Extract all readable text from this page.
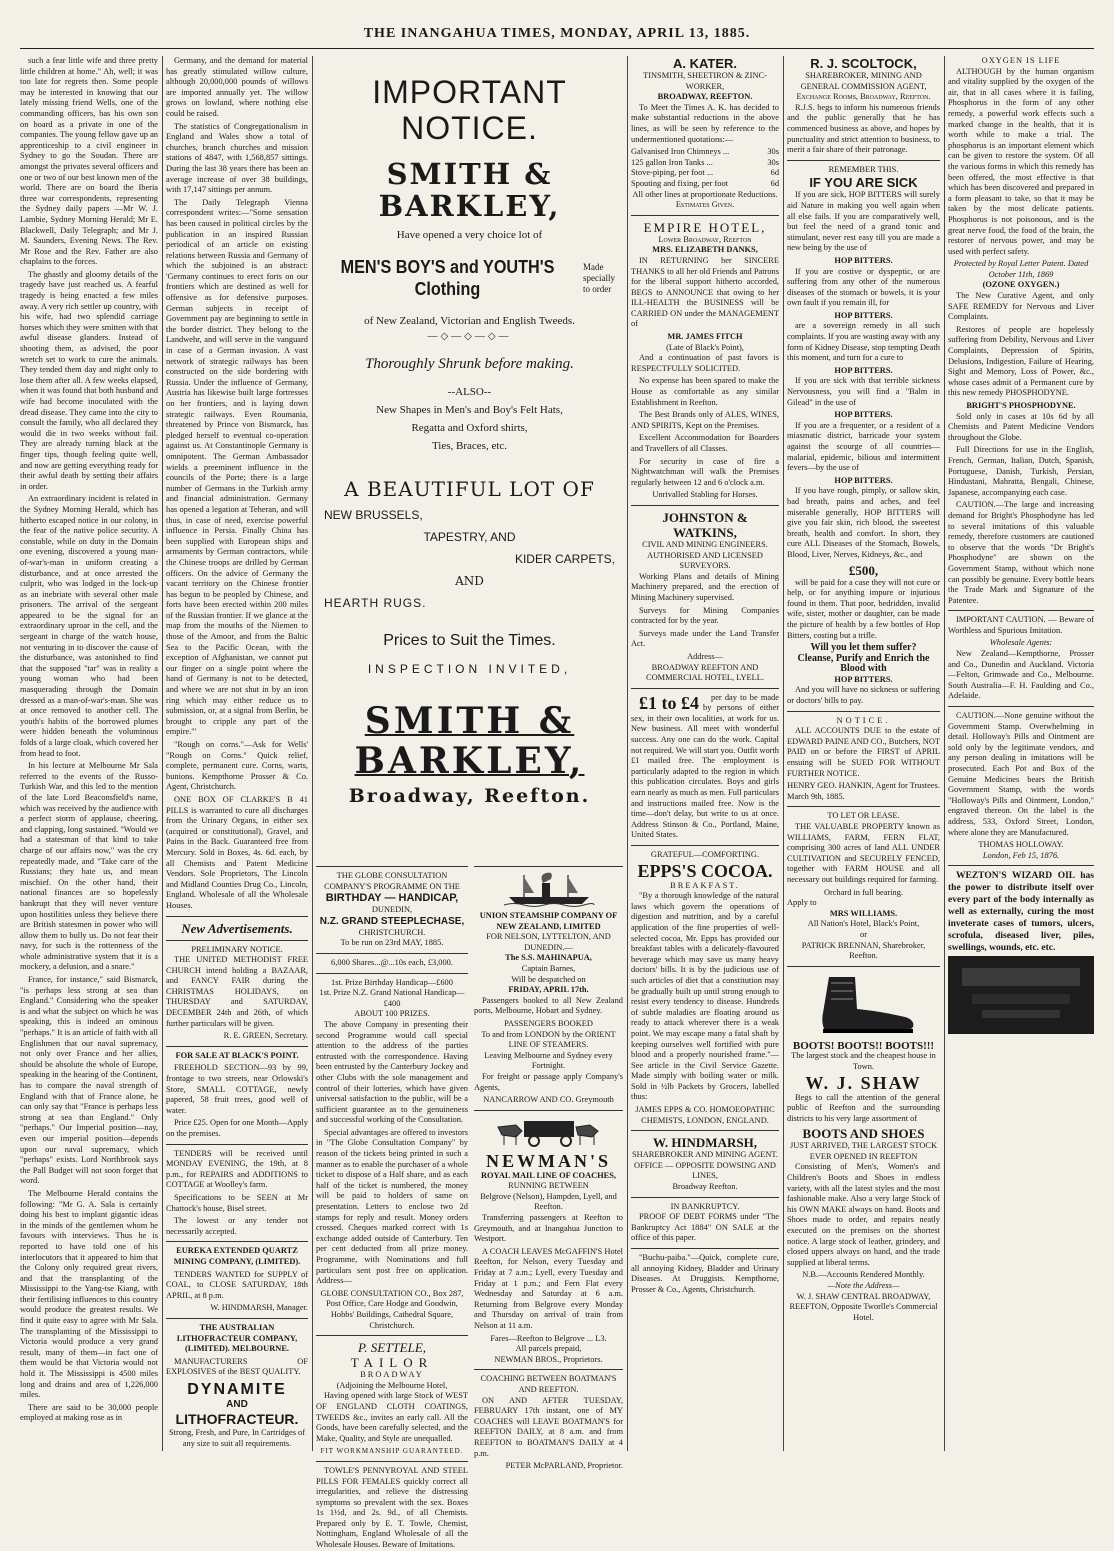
THE INANGAHUA TIMES, MONDAY, APRIL 13, 1885.

such a fear little wife and three pretty little children at home." Ah, well; it was too late for regrets then. Some people may be interested in knowing that our lately missing friend Wells, one of the commanding officers, has his own son on board as a private in one of the companies. The young fellow gave up an apprenticeship to a civil engineer in Sydney to go the Soudan. There are amongst the privates several officers and one or two of our best known men of the world. There are on board the Iberia three war correspondents, representing the Sydney daily papers —Mr W. J. Lambie, Sydney Morning Herald; Mr E. Blackwell, Daily Telegraph; and Mr J. M. Saunders, Evening News. The Rev. Mr Rose and the Rev. Father are also chaplains to the forces.

The ghastly and gloomy details of the tragedy have just reached us. A fearful tragedy is being enacted a few miles away. A very rich settler up country, with his wife, had two splendid carriage horses which they were smitten with that awful disease glanders. Instead of shooting them, as advised, the poor wretch set to work to cure the animals. They tended them day and night only to lose them after all. A few weeks elapsed, when it was found that both husband and wife had become inoculated with the dread disease. They came into the city to consult the family, who all declared they would die in two weeks without fail. They are already turning black at the finger tips, though feeling quite well, and now are getting everything ready for their awful death by setting their affairs in order.

An extraordinary incident is related in the Sydney Morning Herald, which has hitherto escaped notice in our colony, in the fear of the native police security. A constable, while on duty in the Domain one evening, discovered a young man-of-war's-man in uniform creating a disturbance, and at once arrested the culprit, who was lodged in the lock-up as an inebriate with several other male prisoners. The arrival of the sergeant appeared to be the signal for an extraordinary uproar in the cell, and the sergeant in charge of the watch house, not venturing in to discover the cause of the disturbance, was astonished to find that the supposed "tar" was in reality a young woman who had been masquerading through the Domain dressed as a man-of-war's-man. She was at once removed to another cell. The youth's habits of the borrowed plumes were hidden beneath the voluminous folds of a large cloak, which covered her from head to foot.

In his lecture at Melbourne Mr Sala referred to the events of the Russo-Turkish War, and this led to the mention of the late Lord Beaconsfield's name, which was received by the audience with a perfect storm of applause, cheering, and clapping, long sustained. "Would we had a statesman of that kind to take charge of our affairs now," was the cry repeatedly made, and "Take care of the Russians; they hate us, and mean mischief. On the other hand, their national finances are so hopelessly bankrupt that they will never venture upon hostilities unless they believe there are British statesmen in power who will allow them to bully us. Do not fear their navy, for such is the rottenness of the whole administrative system that it is a mockery, a delusion, and a snare."

France, for instance," said Bismarck, "is perhaps less strong at sea than England." Considering who the speaker is and what the subject on which he was speaking, this is indeed an ominous "perhaps." It is an article of faith with all Englishmen that our naval supremacy, not only over France and her allies, should be absolute the whole of Europe, speaking in the hearing of the Continent, has to compare the naval strength of England with that of France alone, he can only say that "France is perhaps less strong at sea than England." Only "perhaps." Our Imperial position—nay, even our imperial position—depends upon our naval supremacy, which "perhaps" exists. Lord Northbrook says the Pall Budget will not soon forget that word.

The Melbourne Herald contains the following: "Mr G. A. Sala is certainly doing his best to implant gigantic ideas in the minds of the gentlemen whom he favours with interviews. Thus he is reported to have told one of his interlocutors that it appeared to him that the Colony only required great rivers, and that the transplanting of the Mississippi to the Yang-tse Kiang, with their fertilising influences to this country would produce the greatest results. We find it quite easy to agree with Mr Sala. The transplanting of the Mississippi to Victoria would produce a very grand result, many of them—in fact one of them would be that Victoria would not hold it. The Mississippi is 4500 miles long and drains and area of 1,226,000 miles.

There are said to be 30,000 people employed at making rose as in

Germany, and the demand for material has greatly stimulated willow culture, although 20,000,000 pounds of willows are imported annually yet. The willow grows on lowland, where nothing else could be raised.

The statistics of Congregationalism in England and Wales show a total of churches, branch churches and mission stations of 4847, with 1,568,857 sittings. During the last 38 years there has been an average increase of over 38 buildings, with 17,147 sittings per annum.

The Daily Telegraph Vienna correspondent writes:—"Some sensation has been caused in political circles by the publication in an inspired Russian periodical of an article on existing relations between Russia and Germany of which the subjoined is an abstract: 'Germany continues to erect forts on our frontiers which are destined as well for offensive as for defensive purposes. German subjects in receipt of Government pay are beginning to settle in the border district. They belong to the Landwehr, and will serve in the vanguard in case of a German invasion. A vast network of strategic railways has been constructed on the side bordering with Russia. Under the influence of Germany, Austria has likewise built large fortresses on her frontiers, and is laying down strategic railways. Even Roumania, threatened by Prince von Bismarck, has pledged herself to eventual co-operation against us. At Constantinople Germany is omnipotent. The German Ambassador wields a preeminent influence in the councils of the Porte; there is a large number of Germans in the Turkish army and financial administration. Germany has opened a legation at Teheran, and will thus, in case of need, exercise powerful influence in Persia. Finally China has been supplied with European ships and armaments by German contractors, while the Chinese troops are drilled by German officers. On the advice of Germany the vacant territory on the Chinese frontier has begun to be peopled by Chinese, and forts have been erected within 200 miles of the Russian frontier. If we glance at the map from the mouths of the Niemen to those of the Amoor, and from the Baltic Sea to the Pacific Ocean, with the exception of Afghanistan, we cannot put our finger on a single point where the hand of Germany is not to be detected, and where we are not shut in by an iron ring which may either reduce us to submission, or, at a signal from Berlin, be brought to cripple any part of the empire.'"

"Rough on corns."—Ask for Wells' "Rough on Corns." Quick relief, complete, permanent cure. Corns, warts, bunions. Kempthorne Prosser & Co. Agent, Christchurch.

ONE BOX OF CLARKE'S B 41 PILLS is warranted to cure all discharges from the Urinary Organs, in either sex (acquired or constitutional), Gravel, and Pains in the Back. Guaranteed free from Mercury. Sold in Boxes, 4s. 6d. each, by all Chemists and Patent Medicine Vendors. Sole Proprietors, The Lincoln and Midland Counties Drug Co., Lincoln, England. Wholesale of all the Wholesale Houses.

New Advertisements.
PRELIMINARY NOTICE.

THE UNITED METHODIST FREE CHURCH intend holding a BAZAAR, and FANCY FAIR during the CHRISTMAS HOLIDAYS, on THURSDAY and SATURDAY, DECEMBER 24th and 26th, of which further particulars will be given.

R. E. GREEN, Secretary.
FOR SALE AT BLACK'S POINT.

FREEHOLD SECTION—93 by 99, frontage to two streets, near Orlowski's Store, SMALL COTTAGE, newly papered, 58 fruit trees, good well of water.

Price £25. Open for one Month—Apply on the premises.

TENDERS will be received until MONDAY EVENING, the 19th, at 8 p.m., for REPAIRS and ADDITIONS to COTTAGE at Woolley's farm.

Specifications to be SEEN at Mr Chattock's house, Bisel street.

The lowest or any tender not necessarily accepted.

EUREKA EXTENDED QUARTZ MINING COMPANY, (LIMITED).

TENDERS WANTED for SUPPLY of COAL, to CLOSE SATURDAY, 18th APRIL, at 8 p.m.

W. HINDMARSH, Manager.
THE AUSTRALIAN LITHOFRACTEUR COMPANY, (LIMITED). MELBOURNE.

MANUFACTURERS OF EXPLOSIVES of the BEST QUALITY.

DYNAMITE
AND
LITHOFRACTEUR.

Strong, Fresh, and Pure, In Cartridges of any size to suit all requirements.

IMPORTANT NOTICE.
SMITH & BARKLEY,
Have opened a very choice lot of
MEN'S BOY'S and YOUTH'S Clothing
Made specially to order
of New Zealand, Victorian and English Tweeds.
—◇—◇—◇—
Thoroughly Shrunk before making.
--ALSO--
New Shapes in Men's and Boy's Felt Hats,
Regatta and Oxford shirts,
Ties, Braces, etc.
A BEAUTIFUL LOT OF
NEW BRUSSELS,
TAPESTRY, AND
KIDER CARPETS,
AND
HEARTH RUGS.
Prices to Suit the Times.
INSPECTION INVITED,
SMITH & BARKLEY,
Broadway, Reefton.
THE GLOBE CONSULTATION COMPANY'S PROGRAMME ON THE
BIRTHDAY — HANDICAP,
DUNEDIN,
N.Z. GRAND STEEPLECHASE,
CHRISTCHURCH.
To be run on 23rd MAY, 1885.
6,000 Shares...@...10s each, £3,000.
1st. Prize Birthday Handicap—£600
1st. Prize N.Z. Grand National Handicap—£400
ABOUT 100 PRIZES.

The above Company in presenting their second Programme would call special attention to the address of the parties entrusted with the correspondence. Having been entrusted by the Canterbury Jockey and other Clubs with the sole management and control of their lotteries, which have given universal satisfaction to the public, will be a sufficient guarantee as to the genuineness and successful working of the Consultation.

Special advantages are offered to investors in "The Globe Consultation Company" by reason of the tickets being printed in such a manner as to enable the purchaser of a whole ticket to dispose of a Half share, and as each half of the ticket is numbered, the money will be paid to holders of same on presentation. Letters to enclose two 2d stamps for reply and result. Money orders crossed. Cheques marked correct with 1s exchange added outside of Canterbury. Ten per cent deducted from all prize money. Programme, with Nominations and full particulars sent post free on application. Address—

GLOBE CONSULTATION CO., Box 287, Post Office, Care Hodge and Goodwin, Hobbs' Buildings, Cathedral Square, Christchurch.
P. SETTELE,
TAILOR
BROADWAY
(Adjoining the Melbourne Hotel,

Having opened with large Stock of WEST OF ENGLAND CLOTH COATINGS, TWEEDS &c., invites an early call. All the Goods, have been carefully selected, and the Make, Quality, and Style are unequalled.

FIT WORKMANSHIP GUARANTEED.

TOWLE'S PENNYROYAL AND STEEL PILLS FOR FEMALES quickly correct all irregularities, and relieve the distressing symptoms so prevalent with the sex. Boxes 1s 1½d, and 2s. 9d., of all Chemists. Prepared only by E. T. Towle, Chemist, Nottingham, England Wholesale of all the Wholesale Houses. Beware of Imitations.

UNION STEAMSHIP COMPANY OF NEW ZEALAND, LIMITED
FOR NELSON, LYTTELTON, AND DUNEDIN.—
The S.S. MAHINAPUA,
Captain Barnes,
Will be despatched on
FRIDAY, APRIL 17th.

Passengers booked to all New Zealand ports, Melbourne, Hobart and Sydney.

PASSENGERS BOOKED
To and from LONDON by the ORIENT LINE OF STEAMERS.
Leaving Melbourne and Sydney every Fortnight.

For freight or passage apply Company's Agents,

NANCARROW AND CO. Greymouth
NEWMAN'S
ROYAL MAIL LINE OF COACHES,
RUNNING BETWEEN
Belgrove (Nelson), Hampden, Lyell, and Reefton.

Transferring passengers at Reefton to Greymouth, and at Inangahua Junction to Westport.

A COACH LEAVES McGAFFIN'S Hotel Reefton, for Nelson, every Tuesday and Friday at 7 a.m.; Lyell, every Tuesday and Friday at 1 p.m.; and Fern Flat every Wednesday and Saturday at 6 a.m. Returning from Belgrove every Monday and Thursday on arrival of train from Nelson at 11 a.m.

Fares—Reefton to Belgrove ... L3.
All parcels prepaid,
NEWMAN BROS., Proprietors.
COACHING BETWEEN BOATMAN'S AND REEFTON.

ON AND AFTER TUESDAY, FEBRUARY 17th instant, one of MY COACHES will LEAVE BOATMAN'S for REEFTON DAILY, at 8 a.m. and from REEFTON to BOATMAN'S DAILY at 4 p.m.

PETER McPARLAND, Proprietor.
A. KATER.
TINSMITH, SHEETIRON & ZINC-WORKER,
BROADWAY, REEFTON.

To Meet the Times A. K. has decided to make substantial reductions in the above lines, as will be seen by reference to the undermentioned quotations:—

Galvanised Iron Chimneys ...	30s
125 gallon Iron Tanks ...	30s
Stove-piping, per foot ...	6d
Spouting and fixing, per foot	6d
All other lines at proportionate Reductions.
Estimates Given.
EMPIRE HOTEL,
Lower Broadway, Reefton
MRS. ELIZABETH DANKS,

IN RETURNING her SINCERE THANKS to all her old Friends and Patrons for the liberal support hitherto accorded, BEGS to ANNOUNCE that owing to her ILL-HEALTH the BUSINESS will be CARRIED ON under the MANAGEMENT of

MR. JAMES FITCH
(Late of Black's Point),

And a continuation of past favors is RESPECTFULLY SOLICITED.

No expense has been spared to make the House as comfortable as any similar Establishment in Reefton.

The Best Brands only of ALES, WINES, AND SPIRITS, Kept on the Premises.

Excellent Accommodation for Boarders and Travellers of all Classes.

For security in case of fire a Nightwatchman will walk the Premises regularly between 12 and 6 o'clock a.m.

Unrivalled Stabling for Horses.
JOHNSTON & WATKINS,
CIVIL AND MINING ENGINEERS. AUTHORISED AND LICENSED SURVEYORS.

Working Plans and details of Mining Machinery prepared, and the erection of Mining Machinery supervised.

Surveys for Mining Companies contracted for by the year.

Surveys made under the Land Transfer Act.

Address—
BROADWAY REEFTON AND COMMERCIAL HOTEL, LYELL.

£1 to £4 per day to be made by persons of either sex, in their own localities, at work for us. New business. All meet with wonderful success. Any one can do the work. Capital not required. We will start you. Outfit worth £1 mailed free. The employment is particularly adapted to the region in which this publication circulates. Boys and girls earn nearly as much as men. Full particulars and instructions mailed free. Now is the time—don't delay, but write to us at once. Address Stinson & Co., Portland, Maine, United States.

GRATEFUL—COMFORTING.
EPPS'S COCOA.
BREAKFAST.

"By a thorough knowledge of the natural laws which govern the operations of digestion and nutrition, and by a careful application of the fine properties of well-selected cocoa, Mr. Epps has provided our breakfast tables with a delicately-flavoured beverage which may save us many heavy doctors' bills. It is by the judicious use of such articles of diet that a constitution may be gradually built up until strong enough to resist every tendency to disease. Hundreds of subtle maladies are floating around us ready to attack wherever there is a weak point. We may escape many a fatal shaft by keeping ourselves well fortified with pure blood and a properly nourished frame."—See article in the Civil Service Gazette. Made simply with boiling water or milk. Sold in ½lb Packets by Grocers, labelled thus:

JAMES EPPS & CO. HOMOEOPATHIC CHEMISTS, LONDON, ENGLAND.
W. HINDMARSH,
SHAREBROKER AND MINING AGENT.
OFFICE — OPPOSITE DOWSING AND LINES,
Broadway Reefton.
IN BANKRUPTCY.

PROOF OF DEBT FORMS under "The Bankruptcy Act 1884" ON SALE at the office of this paper.

"Buchu-paiba."—Quick, complete cure, all annoying Kidney, Bladder and Urinary Diseases. At Druggists. Kempthorne, Prosser & Co., Agents, Christchurch.

R. J. SCOLTOCK,
SHAREBROKER, MINING AND GENERAL COMMISSION AGENT,
Exchange Rooms, Broadway, Reefton.

R.J.S. begs to inform his numerous friends and the public generally that he has commenced business as above, and hopes by punctuality and strict attention to business, to merit a fair share of their patronage.

REMEMBER THIS.
IF YOU ARE SICK

If you are sick, HOP BITTERS will surely aid Nature in making you well again when all else fails. If you are comparatively well, but feel the need of a grand tonic and stimulant, never rest easy till you are made a new being by the use of

HOP BITTERS.

If you are costive or dyspeptic, or are suffering from any other of the numerous diseases of the stomach or bowels, it is your own fault if you remain ill, for

HOP BITTERS.

are a sovereign remedy in all such complaints. If you are wasting away with any form of Kidney Disease, stop tempting Death this moment, and turn for a cure to

HOP BITTERS.

If you are sick with that terrible sickness Nervousness, you will find a "Balm in Gilead" in the use of

HOP BITTERS.

If you are a frequenter, or a resident of a miasmatic district, barricade your system against the scourge of all countries—malarial, epidemic, bilious and intermittent fevers—by the use of

HOP BITTERS.

If you have rough, pimply, or sallow skin, bad breath, pains and aches, and feel miserable generally, HOP BITTERS will give you fair skin, rich blood, the sweetest breath, health and comfort. In short, they cure ALL Diseases of the Stomach, Bowels, Blood, Liver, Nerves, Kidneys, &c., and

£500,

will be paid for a case they will not cure or help, or for anything impure or injurious found in them. That poor, bedridden, invalid wife, sister, mother or daughter, can be made the picture of health by a few bottles of Hop Bitters, costing but a trifle.

Will you let them suffer?
Cleanse, Purify and Enrich the Blood with
HOP BITTERS.

And you will have no sickness or suffering or doctors' bills to pay.

NOTICE.

ALL ACCOUNTS DUE to the estate of EDWARD PAINE AND CO., Butchers, NOT PAID on or before the FIRST of APRIL ensuing will be SUED FOR WITHOUT FURTHER NOTICE.

HENRY GEO. HANKIN, Agent for Trustees.
March 9th, 1885.
TO LET OR LEASE.

THE VALUABLE PROPERTY known as WILLIAMS, FARM, FERN FLAT, comprising 300 acres of land ALL UNDER CULTIVATION and SECURELY FENCED, together with FARM HOUSE and all necessary out buildings required for farming.

Orchard in full bearing.
Apply to
MRS WILLIAMS.
All Nation's Hotel, Black's Point,
or
PATRICK BRENNAN, Sharebroker, Reefton.
BOOTS! BOOTS!! BOOTS!!!
The largest stock and the cheapest house in Town.
W. J. SHAW

Begs to call the attention of the general public of Reefton and the surrounding districts to his very large assortment of

BOOTS AND SHOES
JUST ARRIVED, THE LARGEST STOCK EVER OPENED IN REEFTON

Consisting of Men's, Women's and Children's Boots and Shoes in endless variety, with all the latest styles and the most fashionable make. Also a very large Stock of his OWN MAKE always on hand. Boots and Shoes made to order, and repairs neatly executed on the premises on the shortest notice. A large stock of leather, grindery, and closed uppers always on hand, and the trade supplied at liberal terms.

N.B.—Accounts Rendered Monthly.
—Note the Address—
W. J. SHAW CENTRAL BROADWAY, REEFTON, Opposite Tworlle's Commercial Hotel.
OXYGEN IS LIFE

ALTHOUGH by the human organism and vitality supplied by the oxygen of the air, that in all cases where it is failing, Phosphorus in the form of any other remedy, a powerful work effects such a marked change in the health, that it is worth while to make a trial. The phosphorus is an important element which can be given to restore the system. Of all the various forms in which this remedy has been offered, the most effective is that which has been discovered and prepared in a form pleasant to take, so that it may be taken by the most delicate patients. Phosphorus is not poisonous, and is the great nerve food, the food of the brain, the restorer of nervous power, and may be used with perfect safety.

Protected by Royal Letter Patent. Dated October 11th, 1869
(OZONE OXYGEN.)

The New Curative Agent, and only SAFE REMEDY for Nervous and Liver Complaints.

Restores of people are hopelessly suffering from Debility, Nervous and Liver Complaints, Depression of Spirits, Delusions, Indigestion, Failure of Hearing, Sight and Memory, Loss of Power, &c., whose cases admit of a Permanent cure by this new remedy PHOSPHODYNE.

BRIGHT'S PHOSPHODYNE.

Sold only in cases at 10s 6d by all Chemists and Patent Medicine Vendors throughout the Globe.

Full Directions for use in the English, French, German, Italian, Dutch, Spanish, Portuguese, Danish, Turkish, Persian, Hindustani, Mahratta, Bengali, Chinese, Japanese, accompanying each case.

CAUTION.—The large and increasing demand for Bright's Phosphodyne has led to several imitations of this valuable remedy, therefore customers are cautioned to observe that the words "Dr Bright's Phosphodyne" are shown on the Government Stamp, without which none can possibly be genuine. Every bottle bears the Trade Mark and Signature of the Patentee.

IMPORTANT CAUTION. — Beware of Worthless and Spurious Imitation.

Wholesale Agents:

New Zealand—Kempthorne, Prosser and Co., Dunedin and Auckland. Victoria—Felton, Grimwade and Co., Melbourne. South Australia—F. H. Faulding and Co., Adelaide.

CAUTION.—None genuine without the Government Stamp. Overwhelming in detail. Holloway's Pills and Ointment are sold only by the legitimate vendors, and any person dealing in imitations will be prosecuted. Each Pot and Box of the Genuine Medicines bears the British Government Stamp, with the words "Holloway's Pills and Ointment, London," engraved thereon. On the label is the address, 533, Oxford Street, London, where alone they are Manufactured.

THOMAS HOLLOWAY.
London, Feb 15, 1876.

WEZTON'S WIZARD OIL has the power to distribute itself over every part of the body internally as well as externally, curing the most inveterate cases of tumors, ulcers, scrofula, diseased liver, piles, swellings, wounds, etc. etc.
